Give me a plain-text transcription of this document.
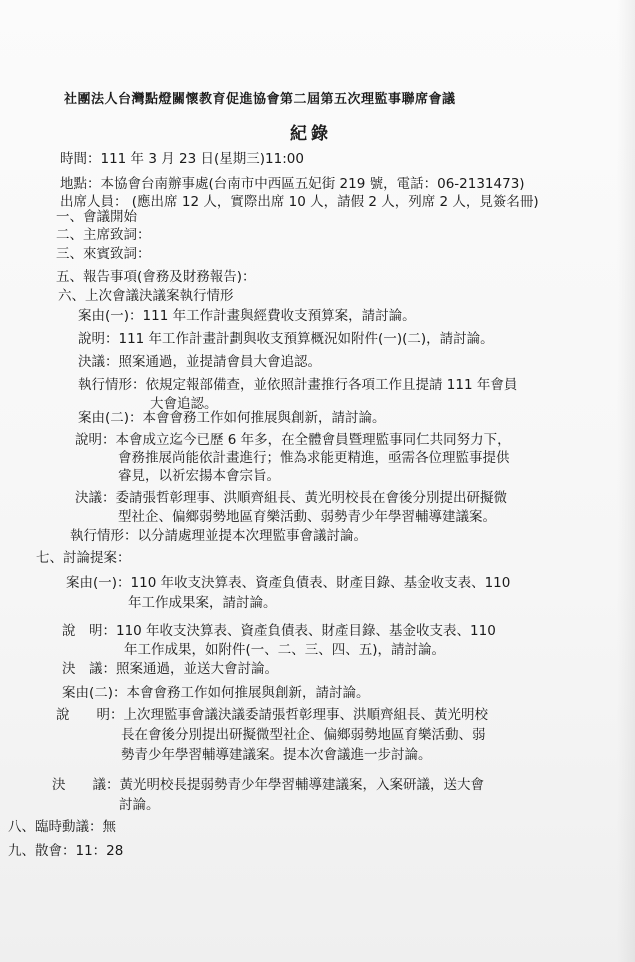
社團法人台灣點燈關懷教育促進協會第二屆第五次理監事聯席會議
紀錄
時間：111 年 3 月 23 日(星期三)11:00
地點：本協會台南辦事處(台南市中西區五妃街 219 號，電話：06-2131473)
出席人員： (應出席 12 人，實際出席 10 人，請假 2 人，列席 2 人，見簽名冊)
一、會議開始
二、主席致詞：
三、來賓致詞：
五、報告事項(會務及財務報告)：
六、上次會議決議案執行情形
案由(一)：111 年工作計畫與經費收支預算案，請討論。
說明：111 年工作計畫計劃與收支預算概況如附件(一)(二)，請討論。
決議：照案通過，並提請會員大會追認。
執行情形：依規定報部備查，並依照計畫推行各項工作且提請 111 年會員
大會追認。
案由(二)：本會會務工作如何推展與創新，請討論。
說明：本會成立迄今已歷 6 年多，在全體會員暨理監事同仁共同努力下，
會務推展尚能依計畫進行；惟為求能更精進，亟需各位理監事提供
睿見，以祈宏揚本會宗旨。
決議：委請張哲彰理事、洪順齊組長、黃光明校長在會後分別提出研擬微
型社企、偏鄉弱勢地區育樂活動、弱勢青少年學習輔導建議案。
執行情形：以分請處理並提本次理監事會議討論。
七、討論提案：
案由(一)：110 年收支決算表、資產負債表、財產目錄、基金收支表、110
年工作成果案，請討論。
說　明：110 年收支決算表、資產負債表、財產目錄、基金收支表、110
年工作成果，如附件(一、二、三、四、五)，請討論。
決　議：照案通過，並送大會討論。
案由(二)：本會會務工作如何推展與創新，請討論。
說　　明：上次理監事會議決議委請張哲彰理事、洪順齊組長、黃光明校
長在會後分別提出研擬微型社企、偏鄉弱勢地區育樂活動、弱
勢青少年學習輔導建議案。提本次會議進一步討論。
決　　議：黃光明校長提弱勢青少年學習輔導建議案，入案研議，送大會
討論。
八、臨時動議：無
九、散會：11：28
